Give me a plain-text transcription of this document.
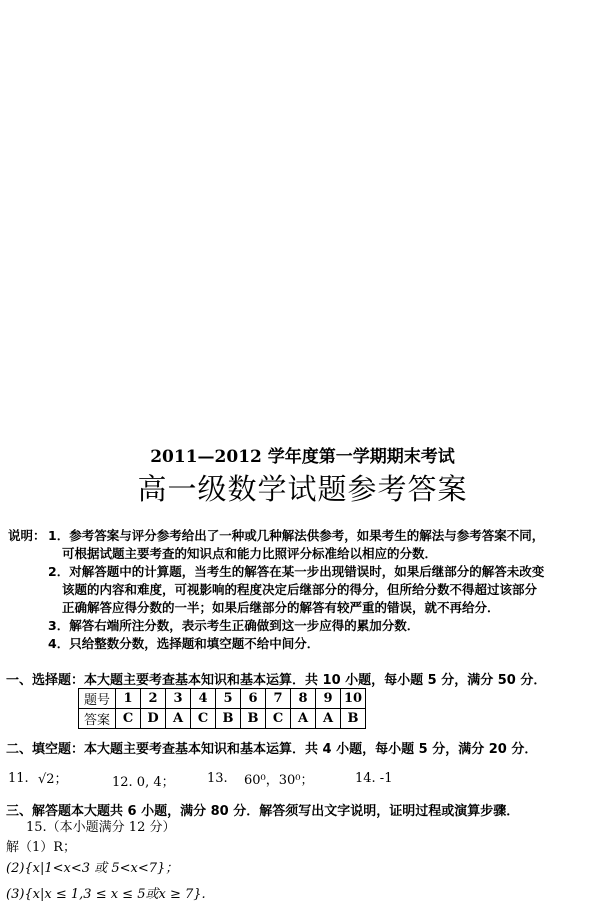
2011—2012 学年度第一学期期末考试
高一级数学试题参考答案
说明： 1．参考答案与评分参考给出了一种或几种解法供参考，如果考生的解法与参考答案不同，
可根据试题主要考查的知识点和能力比照评分标准给以相应的分数．
2．对解答题中的计算题，当考生的解答在某一步出现错误时，如果后继部分的解答未改变
该题的内容和难度，可视影响的程度决定后继部分的得分，但所给分数不得超过该部分
正确解答应得分数的一半；如果后继部分的解答有较严重的错误，就不再给分．
3．解答右端所注分数，表示考生正确做到这一步应得的累加分数．
4．只给整数分数，选择题和填空题不给中间分．
一、选择题：本大题主要考查基本知识和基本运算．共 10 小题，每小题 5 分，满分 50 分．
题号	1	2	3	4	5	6	7	8	9	10
答案	C	D	A	C	B	B	C	A	A	B
二、填空题：本大题主要考查基本知识和基本运算．共 4 小题，每小题 5 分，满分 20 分．
11. √2；	12. 0, 4； 13. 60⁰，30⁰；	14. -1
三、解答题本大题共 6 小题，满分 80 分．解答须写出文字说明，证明过程或演算步骤．
15.（本小题满分 12 分）
解（1）R；
(2){x|1<x<3 或 5<x<7}；
(3){x|x ≤ 1,3 ≤ x ≤ 5或x ≥ 7}.
